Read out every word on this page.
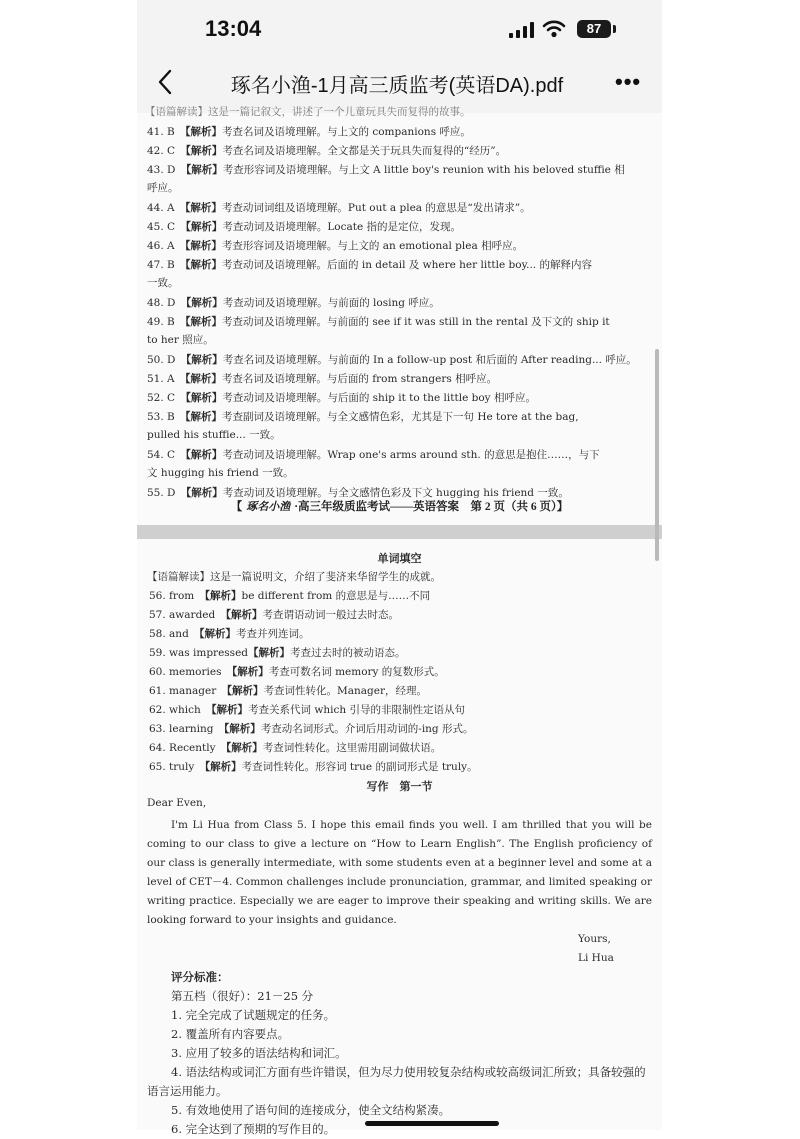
13:04	87
琢名小渔-1月高三质监考(英语DA).pdf	•••
【语篇解读】这是一篇记叙文，讲述了一个儿童玩具失而复得的故事。
41. B　 【解析】考查名词及语境理解。与上文的 companions 呼应。
42. C　 【解析】考查名词及语境理解。全文都是关于玩具失而复得的“经历”。
43. D　 【解析】考查形容词及语境理解。与上文 A little boy's reunion with his beloved stuffie 相
呼应。
44. A　 【解析】考查动词词组及语境理解。Put out a plea 的意思是“发出请求”。
45. C　 【解析】考查动词及语境理解。Locate 指的是定位，发现。
46. A　 【解析】考查形容词及语境理解。与上文的 an emotional plea 相呼应。
47. B　 【解析】考查动词及语境理解。后面的 in detail 及 where her little boy... 的解释内容
一致。
48. D　 【解析】考查动词及语境理解。与前面的 losing 呼应。
49. B　 【解析】考查动词及语境理解。与前面的 see if it was still in the rental 及下文的 ship it
to her 照应。
50. D　 【解析】考查名词及语境理解。与前面的 In a follow-up post 和后面的 After reading... 呼应。
51. A　 【解析】考查名词及语境理解。与后面的 from strangers 相呼应。
52. C　 【解析】考查动词及语境理解。与后面的 ship it to the little boy 相呼应。
53. B　 【解析】考查副词及语境理解。与全文感情色彩，尤其是下一句 He tore at the bag,
pulled his stuffie... 一致。
54. C　 【解析】考查动词及语境理解。Wrap one's arms around sth. 的意思是抱住……，与下
文 hugging his friend 一致。
55. D　 【解析】考查动词及语境理解。与全文感情色彩及下文 hugging his friend 一致。
【 琢名小渔 ·高三年级质监考试——英语答案　第 2 页（共 6 页）】
单词填空
【语篇解读】这是一篇说明文，介绍了斐济来华留学生的成就。
56. from　 【解析】be different from 的意思是与……不同
57. awarded　 【解析】考查谓语动词一般过去时态。
58. and　 【解析】考查并列连词。
59. was impressed【解析】考查过去时的被动语态。
60. memories　 【解析】考查可数名词 memory 的复数形式。
61. manager　 【解析】考查词性转化。Manager，经理。
62. which　 【解析】考查关系代词 which 引导的非限制性定语从句
63. learning　 【解析】考查动名词形式。介词后用动词的-ing 形式。
64. Recently　 【解析】考查词性转化。这里需用副词做状语。
65. truly　 【解析】考查词性转化。形容词 true 的副词形式是 truly。
写作　第一节
Dear Even,
I'm Li Hua from Class 5. I hope this email finds you well. I am thrilled that you will be coming to our class to give a lecture on “How to Learn English”. The English proficiency of our class is generally intermediate, with some students even at a beginner level and some at a level of CET－4. Common challenges include pronunciation, grammar, and limited speaking or writing practice. Especially we are eager to improve their speaking and writing skills. We are looking forward to your insights and guidance.
Yours,
Li Hua
评分标准：
第五档（很好）：21－25 分
1. 完全完成了试题规定的任务。
2. 覆盖所有内容要点。
3. 应用了较多的语法结构和词汇。
4. 语法结构或词汇方面有些许错误，但为尽力使用较复杂结构或较高级词汇所致；具备较强的语言运用能力。
5. 有效地使用了语句间的连接成分，使全文结构紧凑。
6. 完全达到了预期的写作目的。
